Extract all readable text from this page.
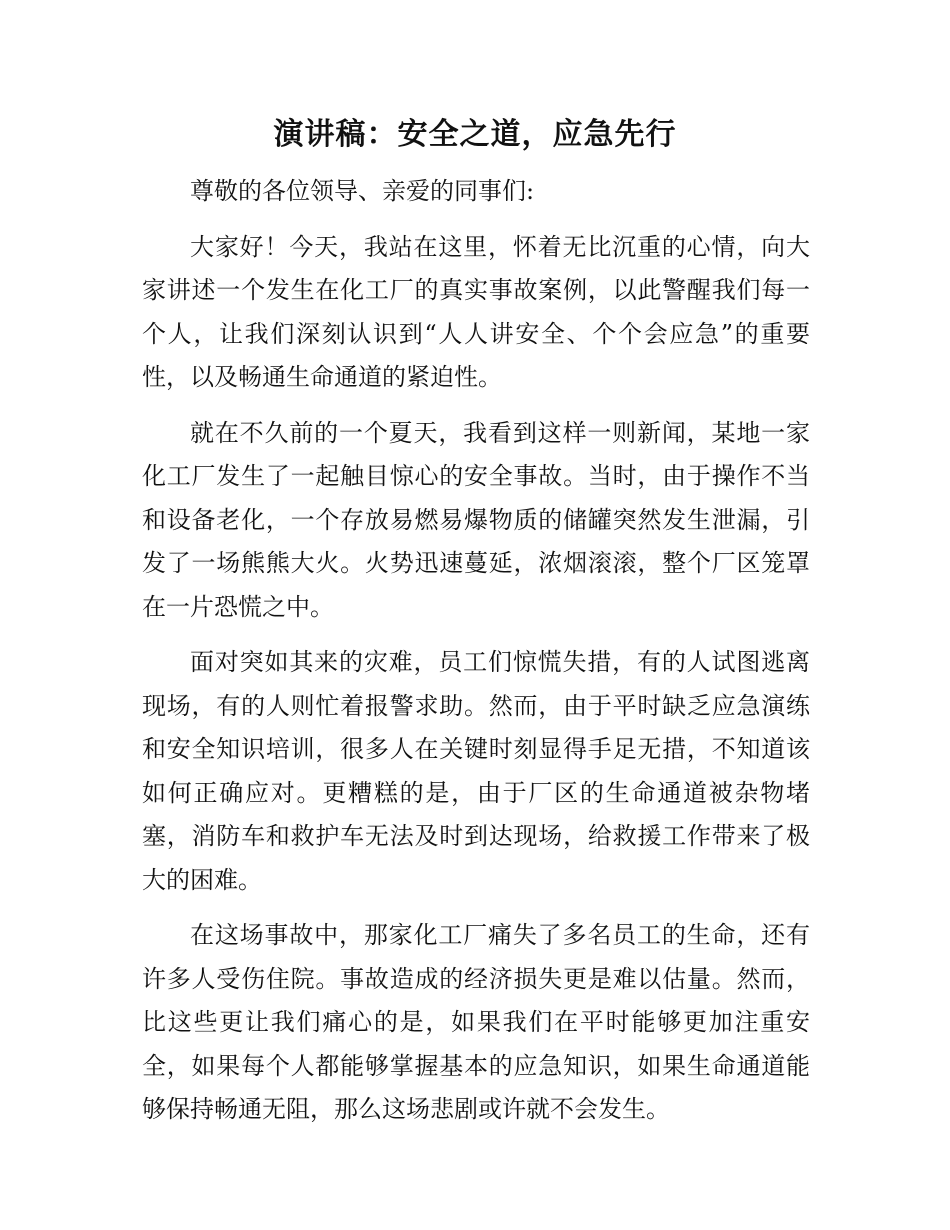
演讲稿：安全之道，应急先行

尊敬的各位领导、亲爱的同事们:

大家好！今天，我站在这里，怀着无比沉重的心情，向大家讲述一个发生在化工厂的真实事故案例，以此警醒我们每一个人，让我们深刻认识到“人人讲安全、个个会应急”的重要性，以及畅通生命通道的紧迫性。

就在不久前的一个夏天，我看到这样一则新闻，某地一家化工厂发生了一起触目惊心的安全事故。当时，由于操作不当和设备老化，一个存放易燃易爆物质的储罐突然发生泄漏，引发了一场熊熊大火。火势迅速蔓延，浓烟滚滚，整个厂区笼罩在一片恐慌之中。

面对突如其来的灾难，员工们惊慌失措，有的人试图逃离现场，有的人则忙着报警求助。然而，由于平时缺乏应急演练和安全知识培训，很多人在关键时刻显得手足无措，不知道该如何正确应对。更糟糕的是，由于厂区的生命通道被杂物堵塞，消防车和救护车无法及时到达现场，给救援工作带来了极大的困难。

在这场事故中，那家化工厂痛失了多名员工的生命，还有许多人受伤住院。事故造成的经济损失更是难以估量。然而，比这些更让我们痛心的是，如果我们在平时能够更加注重安全，如果每个人都能够掌握基本的应急知识，如果生命通道能够保持畅通无阻，那么这场悲剧或许就不会发生。
